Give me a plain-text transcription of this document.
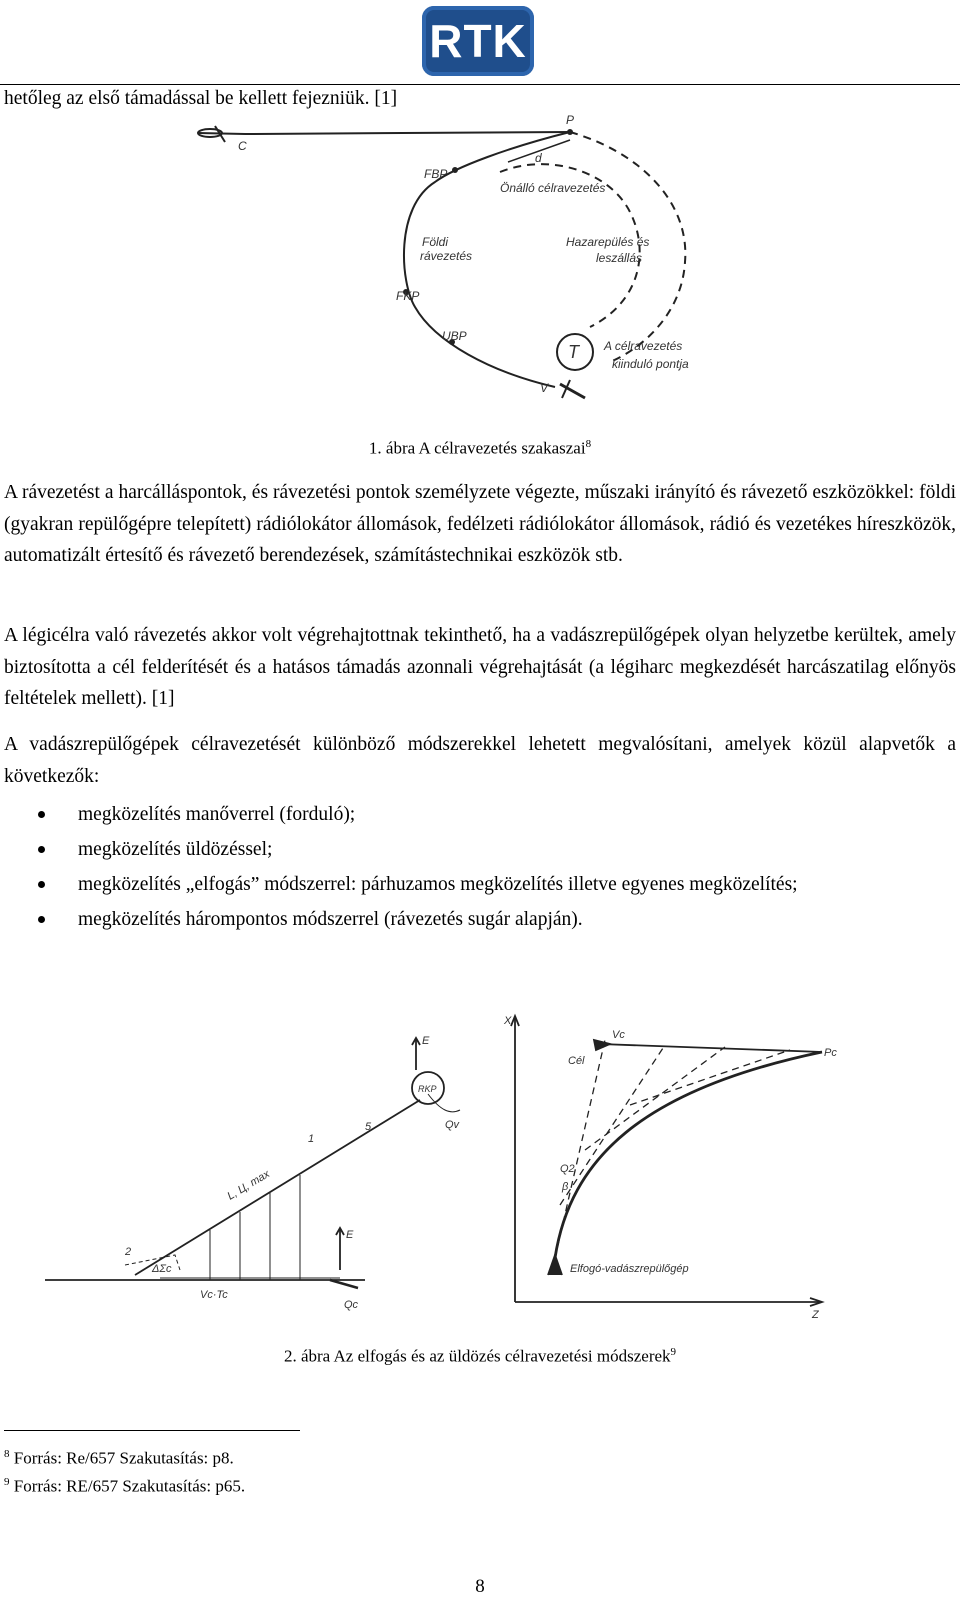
RTK

hetőleg az első támadással be kellett fejezniük. [1]

C
P
d
FBP
Önálló célravezetés
Földi
rávezetés
Hazarepülés és
leszállás
FKP
UBP
T A célravezetés
kiinduló pontja
V
1. ábra A célravezetés szakaszai$^8$

A rávezetést a harcálláspontok, és rávezetési pontok személyzete végezte, műszaki irányító és rávezető eszközökkel: földi (gyakran repülőgépre telepített) rádiólokátor állomások, fedélzeti rádiólokátor állomások, rádió és vezetékes híreszközök, automatizált értesítő és rávezető berendezések, számítástechnikai eszközök stb.

A légicélra való rávezetés akkor volt végrehajtottnak tekinthető, ha a vadászrepülőgépek olyan helyzetbe kerültek, amely biztosította a cél felderítését és a hatásos támadás azonnali végrehajtását (a légiharc megkezdését harcászatilag előnyös feltételek mellett). [1]

A vadászrepülőgépek célravezetését különböző módszerekkel lehetett megvalósítani, amelyek közül alapvetők a következők:

megközelítés manőverrel (forduló);
megközelítés üldözéssel;
megközelítés „elfogás” módszerrel: párhuzamos megközelítés illetve egyenes megközelítés;
megközelítés hárompontos módszerrel (rávezetés sugár alapján).
2
ΔΣc
L, Ц, max
1
5
E
RKP
Qv
Vc·Tc
E
Qc
X
Cél
Vc
Pc
Q2
β
Elfogó-vadászrepülőgép
Z
2. ábra Az elfogás és az üldözés célravezetési módszerek$^9$
$^8$ Forrás: Re/657 Szakutasítás: p8.
$^9$ Forrás: RE/657 Szakutasítás: p65.
8
